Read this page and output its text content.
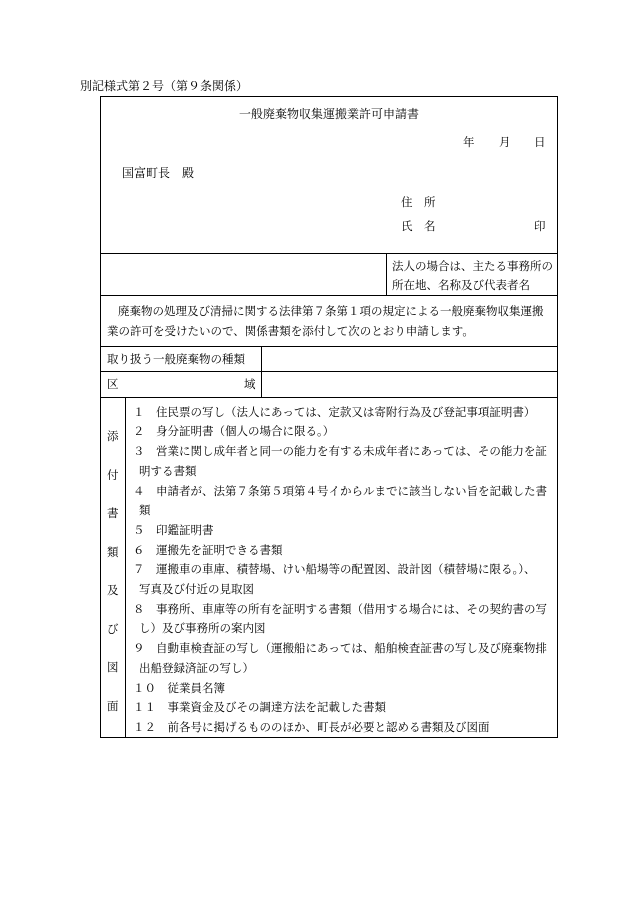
別記様式第２号（第９条関係）
一般廃棄物収集運搬業許可申請書
年 月 日
国富町長　殿
住　所
氏　名	印
法人の場合は、主たる事務所の
所在地、名称及び代表者名
廃棄物の処理及び清掃に関する法律第７条第１項の規定による一般廃棄物収集運搬
業の許可を受けたいので、関係書類を添付して次のとおり申請します。
取り扱う一般廃棄物の種類
区	域
添
付
書
類
及
び
図
面
１　住民票の写し（法人にあっては、定款又は寄附行為及び登記事項証明書）
２　身分証明書（個人の場合に限る。）
３　営業に関し成年者と同一の能力を有する未成年者にあっては、その能力を証
明する書類
４　申請者が、法第７条第５項第４号イからルまでに該当しない旨を記載した書
類
５　印鑑証明書
６　運搬先を証明できる書類
７　運搬車の車庫、積替場、けい船場等の配置図、設計図（積替場に限る。）、
写真及び付近の見取図
８　事務所、車庫等の所有を証明する書類（借用する場合には、その契約書の写
し）及び事務所の案内図
９　自動車検査証の写し（運搬船にあっては、船舶検査証書の写し及び廃棄物排
出船登録済証の写し）
１０　従業員名簿
１１　事業資金及びその調達方法を記載した書類
１２　前各号に掲げるもののほか、町長が必要と認める書類及び図面
